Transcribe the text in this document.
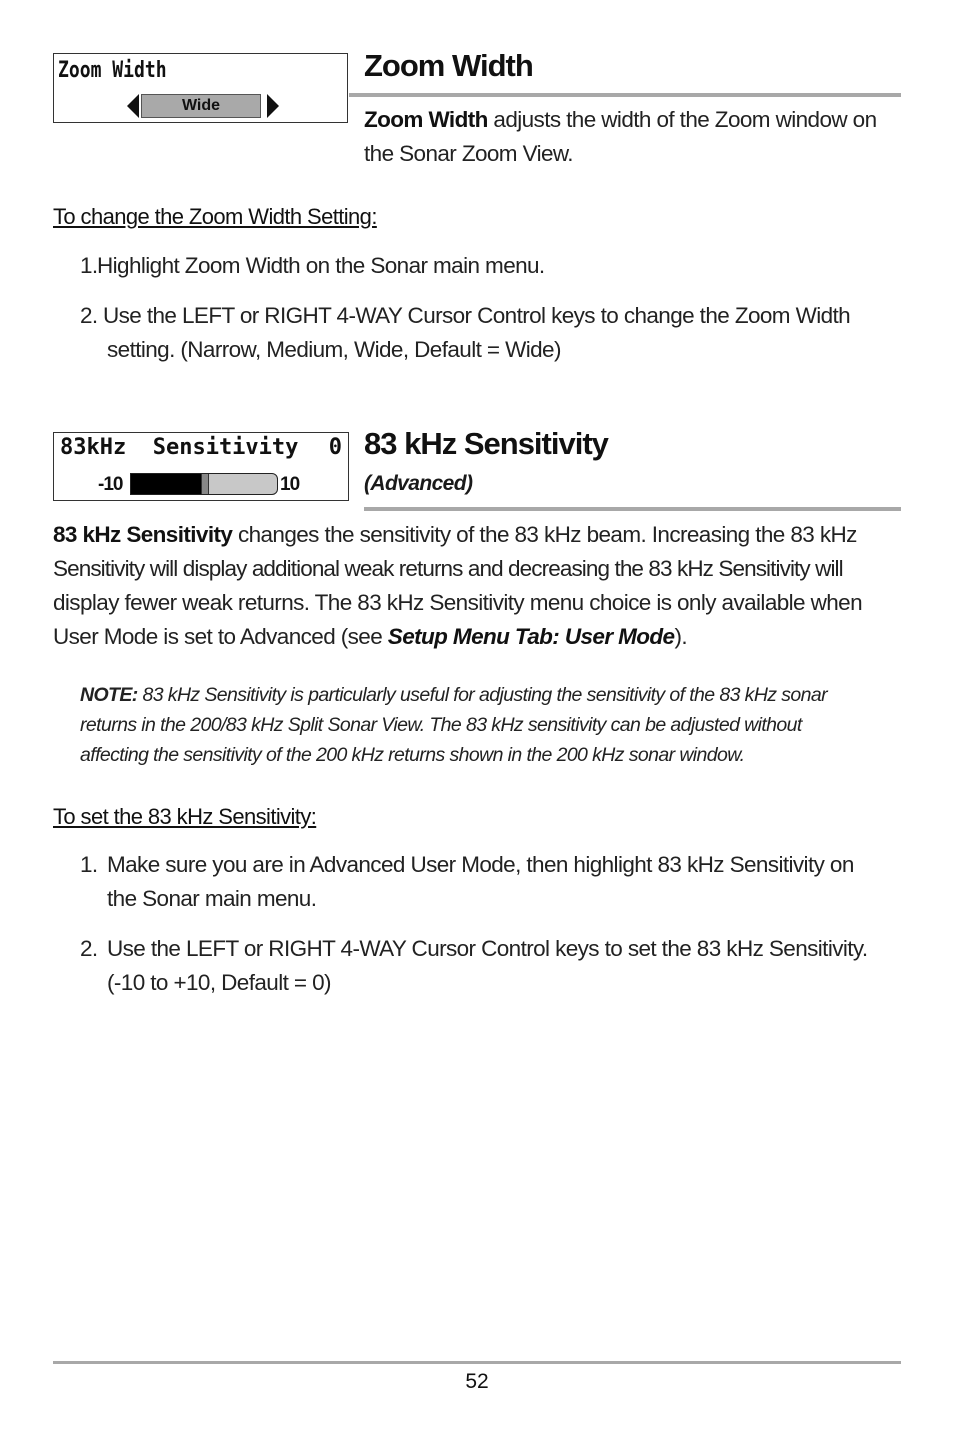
Zoom Width
Wide
Zoom Width
Zoom Width adjusts the width of the Zoom window on
the Sonar Zoom View.
To change the Zoom Width Setting:
1. Highlight Zoom Width on the Sonar main menu.
2. Use the LEFT or RIGHT 4-WAY Cursor Control keys to change the Zoom Width
setting. (Narrow, Medium, Wide, Default = Wide)
83kHz  Sensitivity 0
-10	10
83 kHz Sensitivity
(Advanced)
83 kHz Sensitivity changes the sensitivity of the 83 kHz beam. Increasing the 83 kHz
Sensitivity will display additional weak returns and decreasing the 83 kHz Sensitivity will
display fewer weak returns. The 83 kHz Sensitivity menu choice is only available when
User Mode is set to Advanced (see Setup Menu Tab: User Mode).
NOTE: 83 kHz Sensitivity is particularly useful for adjusting the sensitivity of the 83 kHz sonar
returns in the 200/83 kHz Split Sonar View. The 83 kHz sensitivity can be adjusted without
affecting the sensitivity of the 200 kHz returns shown in the 200 kHz sonar window.
To set the 83 kHz Sensitivity:
1. Make sure you are in Advanced User Mode, then highlight 83 kHz Sensitivity on
the Sonar main menu.
2. Use the LEFT or RIGHT 4-WAY Cursor Control keys to set the 83 kHz Sensitivity.
(-10 to +10, Default = 0)
52
